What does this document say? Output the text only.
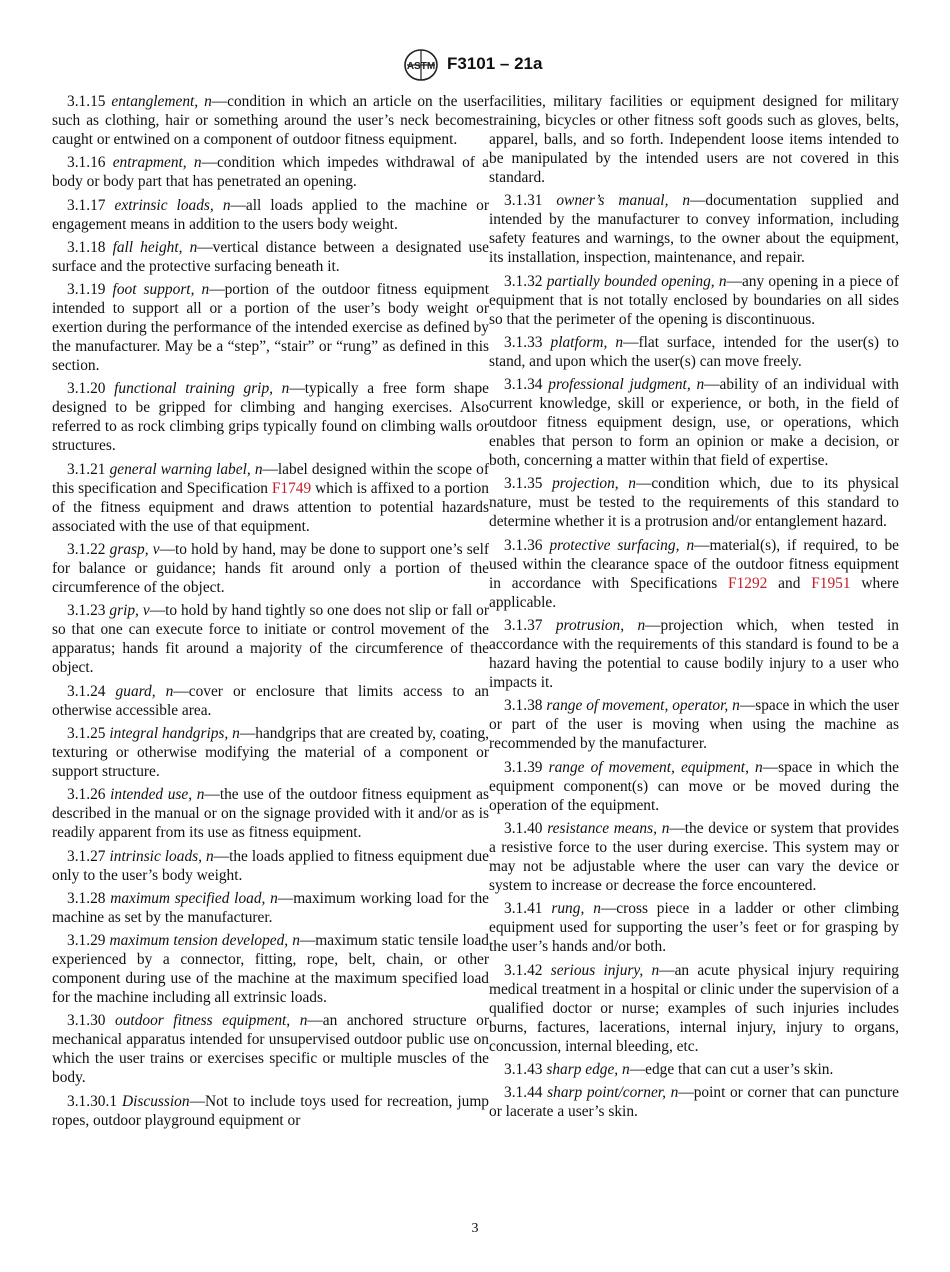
ASTM F3101 – 21a

3.1.15 entanglement, n—condition in which an article on the user such as clothing, hair or something around the user’s neck becomes caught or entwined on a component of outdoor fitness equipment.

3.1.16 entrapment, n—condition which impedes withdrawal of a body or body part that has penetrated an opening.

3.1.17 extrinsic loads, n—all loads applied to the machine or engagement means in addition to the users body weight.

3.1.18 fall height, n—vertical distance between a designated use surface and the protective surfacing beneath it.

3.1.19 foot support, n—portion of the outdoor fitness equipment intended to support all or a portion of the user’s body weight or exertion during the performance of the intended exercise as defined by the manufacturer. May be a “step”, “stair” or “rung” as defined in this section.

3.1.20 functional training grip, n—typically a free form shape designed to be gripped for climbing and hanging exercises. Also referred to as rock climbing grips typically found on climbing walls or structures.

3.1.21 general warning label, n—label designed within the scope of this specification and Specification F1749 which is affixed to a portion of the fitness equipment and draws attention to potential hazards associated with the use of that equipment.

3.1.22 grasp, v—to hold by hand, may be done to support one’s self for balance or guidance; hands fit around only a portion of the circumference of the object.

3.1.23 grip, v—to hold by hand tightly so one does not slip or fall or so that one can execute force to initiate or control movement of the apparatus; hands fit around a majority of the circumference of the object.

3.1.24 guard, n—cover or enclosure that limits access to an otherwise accessible area.

3.1.25 integral handgrips, n—handgrips that are created by, coating, texturing or otherwise modifying the material of a component or support structure.

3.1.26 intended use, n—the use of the outdoor fitness equipment as described in the manual or on the signage provided with it and/or as is readily apparent from its use as fitness equipment.

3.1.27 intrinsic loads, n—the loads applied to fitness equipment due only to the user’s body weight.

3.1.28 maximum specified load, n—maximum working load for the machine as set by the manufacturer.

3.1.29 maximum tension developed, n—maximum static tensile load experienced by a connector, fitting, rope, belt, chain, or other component during use of the machine at the maximum specified load for the machine including all extrinsic loads.

3.1.30 outdoor fitness equipment, n—an anchored structure or mechanical apparatus intended for unsupervised outdoor public use on which the user trains or exercises specific or multiple muscles of the body.

3.1.30.1 Discussion—Not to include toys used for recreation, jump ropes, outdoor playground equipment or

facilities, military facilities or equipment designed for military training, bicycles or other fitness soft goods such as gloves, belts, apparel, balls, and so forth. Independent loose items intended to be manipulated by the intended users are not covered in this standard.

3.1.31 owner’s manual, n—documentation supplied and intended by the manufacturer to convey information, including safety features and warnings, to the owner about the equipment, its installation, inspection, maintenance, and repair.

3.1.32 partially bounded opening, n—any opening in a piece of equipment that is not totally enclosed by boundaries on all sides so that the perimeter of the opening is discontinuous.

3.1.33 platform, n—flat surface, intended for the user(s) to stand, and upon which the user(s) can move freely.

3.1.34 professional judgment, n—ability of an individual with current knowledge, skill or experience, or both, in the field of outdoor fitness equipment design, use, or operations, which enables that person to form an opinion or make a decision, or both, concerning a matter within that field of expertise.

3.1.35 projection, n—condition which, due to its physical nature, must be tested to the requirements of this standard to determine whether it is a protrusion and/or entanglement hazard.

3.1.36 protective surfacing, n—material(s), if required, to be used within the clearance space of the outdoor fitness equipment in accordance with Specifications F1292 and F1951 where applicable.

3.1.37 protrusion, n—projection which, when tested in accordance with the requirements of this standard is found to be a hazard having the potential to cause bodily injury to a user who impacts it.

3.1.38 range of movement, operator, n—space in which the user or part of the user is moving when using the machine as recommended by the manufacturer.

3.1.39 range of movement, equipment, n—space in which the equipment component(s) can move or be moved during the operation of the equipment.

3.1.40 resistance means, n—the device or system that provides a resistive force to the user during exercise. This system may or may not be adjustable where the user can vary the device or system to increase or decrease the force encountered.

3.1.41 rung, n—cross piece in a ladder or other climbing equipment used for supporting the user’s feet or for grasping by the user’s hands and/or both.

3.1.42 serious injury, n—an acute physical injury requiring medical treatment in a hospital or clinic under the supervision of a qualified doctor or nurse; examples of such injuries includes burns, factures, lacerations, internal injury, injury to organs, concussion, internal bleeding, etc.

3.1.43 sharp edge, n—edge that can cut a user’s skin.

3.1.44 sharp point/corner, n—point or corner that can puncture or lacerate a user’s skin.

3
